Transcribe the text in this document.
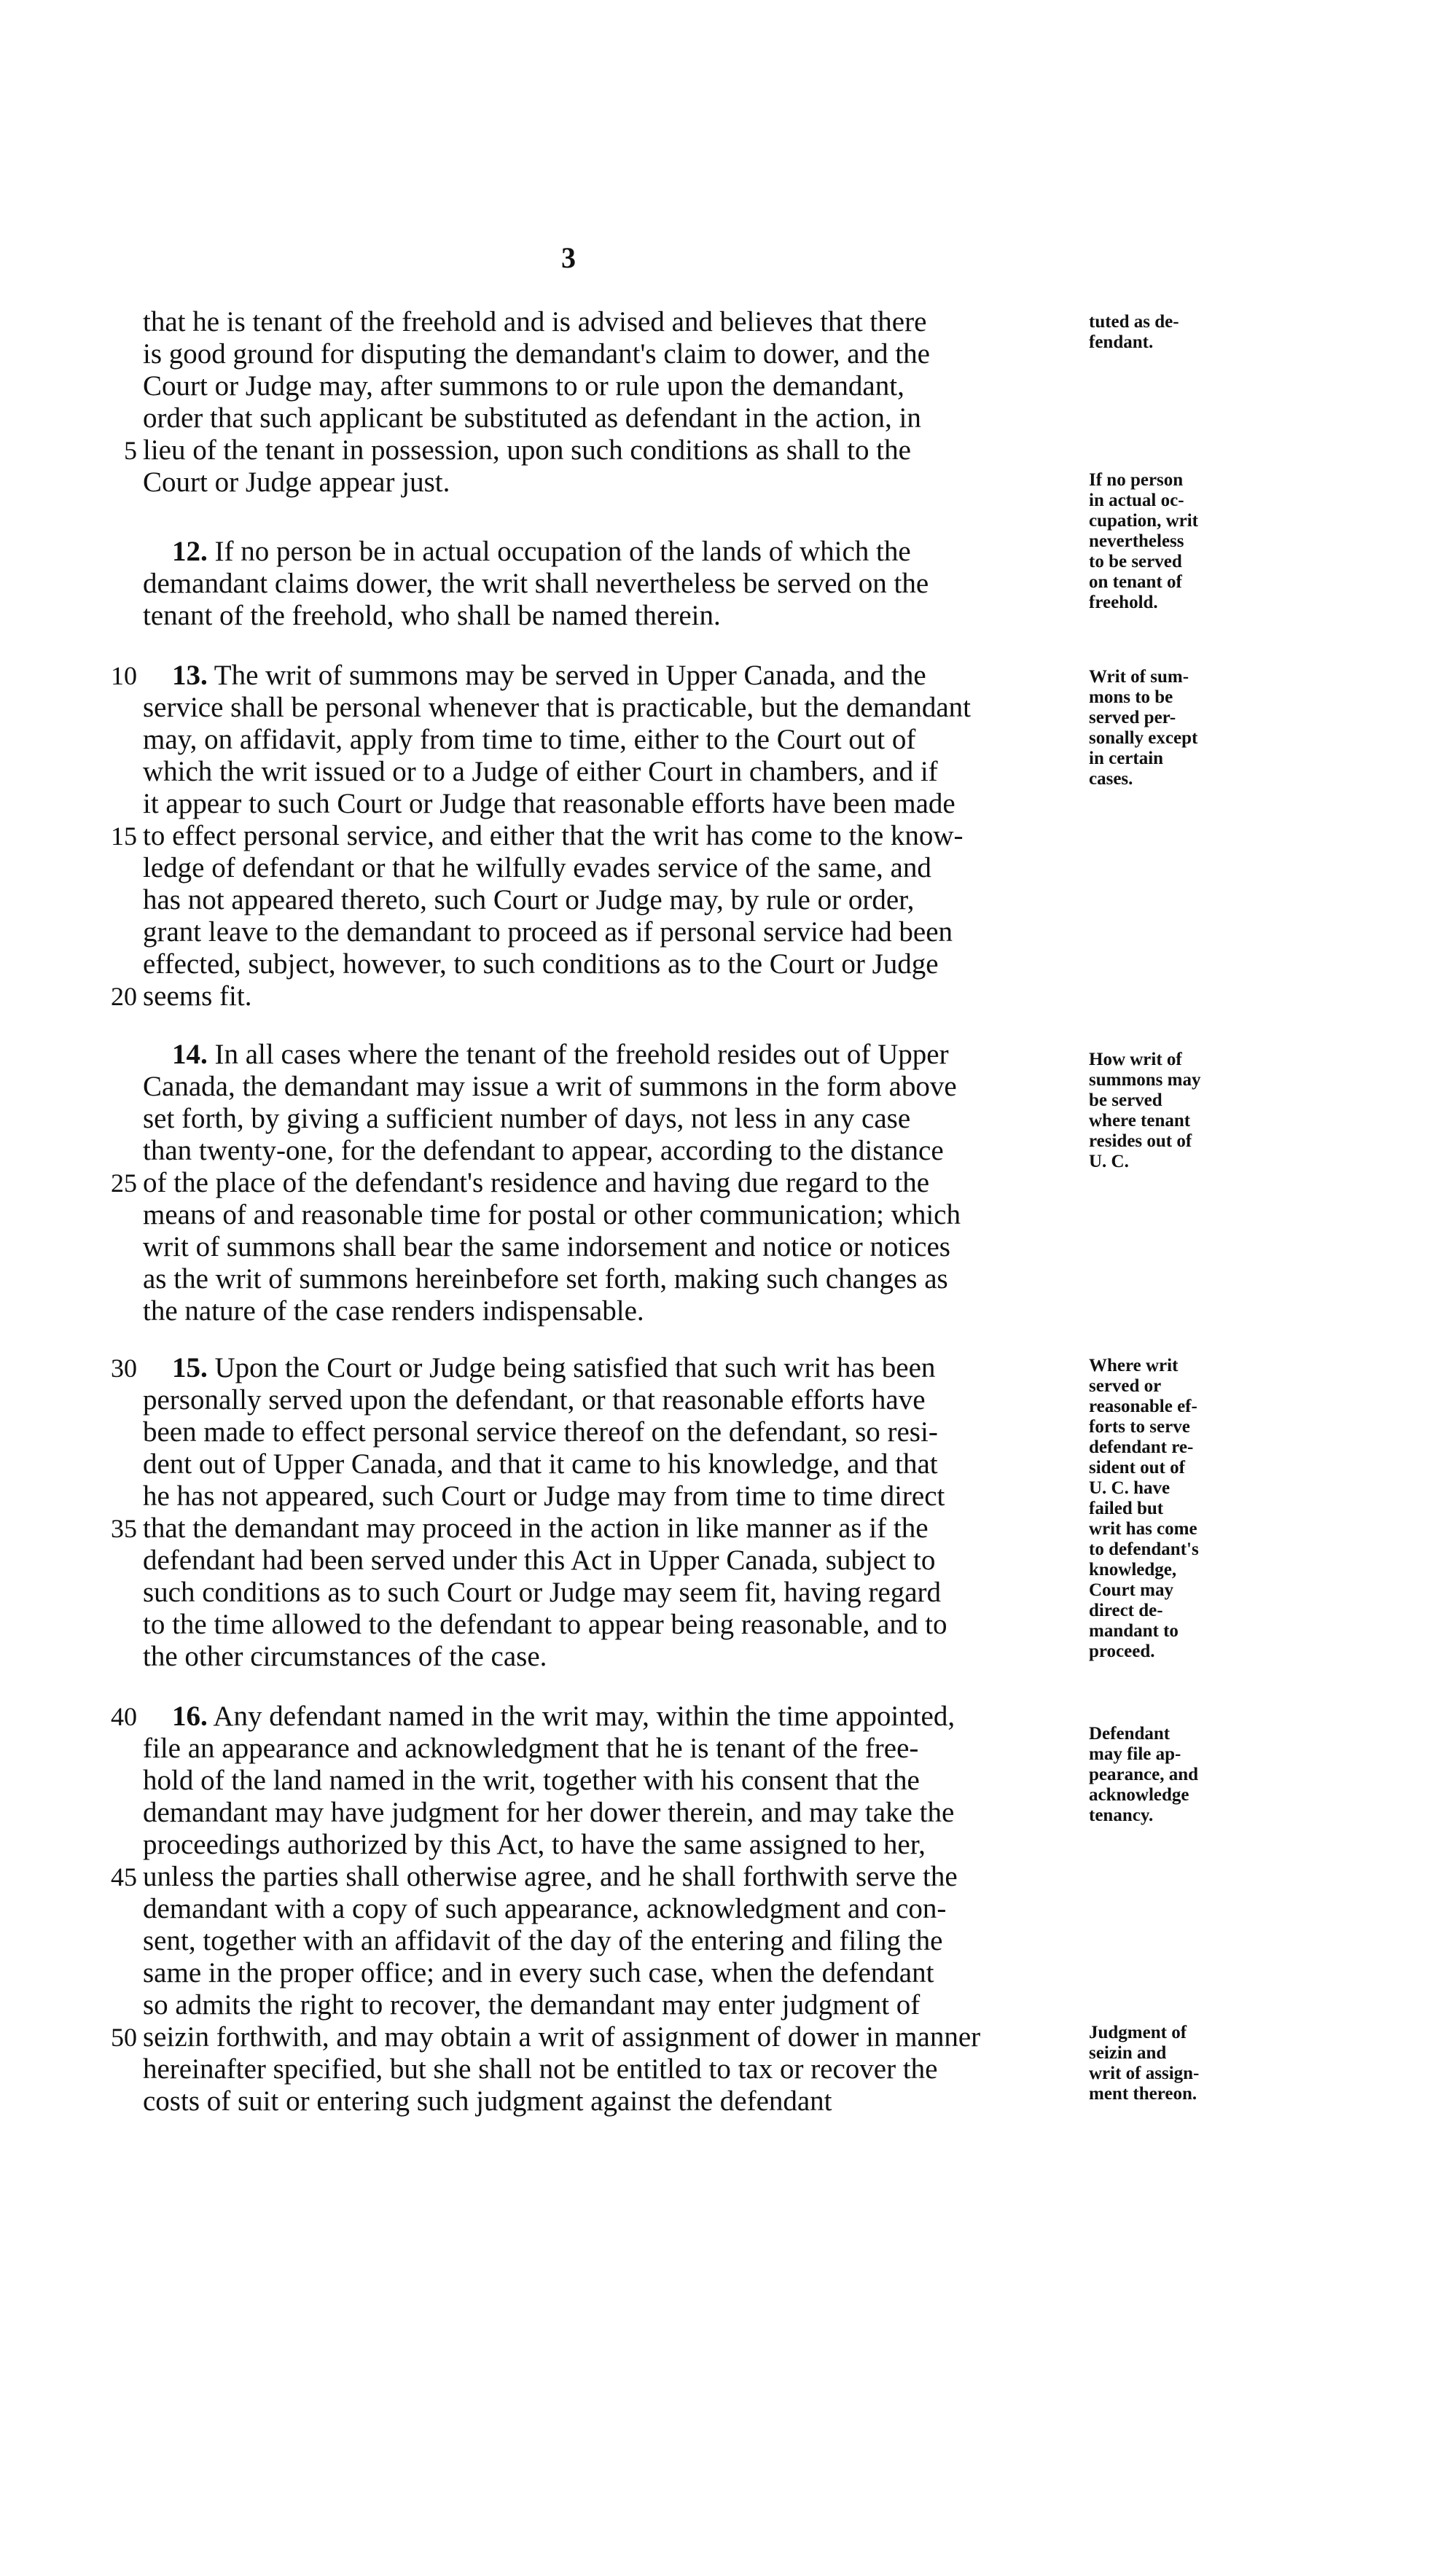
3
that he is tenant of the freehold and is advised and believes that there
is good ground for disputing the demandant's claim to dower, and the
Court or Judge may, after summons to or rule upon the demandant,
order that such applicant be substituted as defendant in the action, in
5 lieu of the tenant in possession, upon such conditions as shall to the
Court or Judge appear just.
12. If no person be in actual occupation of the lands of which the
demandant claims dower, the writ shall nevertheless be served on the
tenant of the freehold, who shall be named therein.
10 13. The writ of summons may be served in Upper Canada, and the
service shall be personal whenever that is practicable, but the demandant
may, on affidavit, apply from time to time, either to the Court out of
which the writ issued or to a Judge of either Court in chambers, and if
it appear to such Court or Judge that reasonable efforts have been made
15 to effect personal service, and either that the writ has come to the know-
ledge of defendant or that he wilfully evades service of the same, and
has not appeared thereto, such Court or Judge may, by rule or order,
grant leave to the demandant to proceed as if personal service had been
effected, subject, however, to such conditions as to the Court or Judge
20 seems fit.
14. In all cases where the tenant of the freehold resides out of Upper
Canada, the demandant may issue a writ of summons in the form above
set forth, by giving a sufficient number of days, not less in any case
than twenty-one, for the defendant to appear, according to the distance
25 of the place of the defendant's residence and having due regard to the
means of and reasonable time for postal or other communication; which
writ of summons shall bear the same indorsement and notice or notices
as the writ of summons hereinbefore set forth, making such changes as
the nature of the case renders indispensable.
30 15. Upon the Court or Judge being satisfied that such writ has been
personally served upon the defendant, or that reasonable efforts have
been made to effect personal service thereof on the defendant, so resi-
dent out of Upper Canada, and that it came to his knowledge, and that
he has not appeared, such Court or Judge may from time to time direct
35 that the demandant may proceed in the action in like manner as if the
defendant had been served under this Act in Upper Canada, subject to
such conditions as to such Court or Judge may seem fit, having regard
to the time allowed to the defendant to appear being reasonable, and to
the other circumstances of the case.
40 16. Any defendant named in the writ may, within the time appointed,
file an appearance and acknowledgment that he is tenant of the free-
hold of the land named in the writ, together with his consent that the
demandant may have judgment for her dower therein, and may take the
proceedings authorized by this Act, to have the same assigned to her,
45 unless the parties shall otherwise agree, and he shall forthwith serve the
demandant with a copy of such appearance, acknowledgment and con-
sent, together with an affidavit of the day of the entering and filing the
same in the proper office; and in every such case, when the defendant
so admits the right to recover, the demandant may enter judgment of
50 seizin forthwith, and may obtain a writ of assignment of dower in manner
hereinafter specified, but she shall not be entitled to tax or recover the
costs of suit or entering such judgment against the defendant
tuted as de-
fendant.
If no person
in actual oc-
cupation, writ
nevertheless
to be served
on tenant of
freehold.
Writ of sum-
mons to be
served per-
sonally except
in certain
cases.
How writ of
summons may
be served
where tenant
resides out of
U. C.
Where writ
served or
reasonable ef-
forts to serve
defendant re-
sident out of
U. C. have
failed but
writ has come
to defendant's
knowledge,
Court may
direct de-
mandant to
proceed.
Defendant
may file ap-
pearance, and
acknowledge
tenancy.
Judgment of
seizin and
writ of assign-
ment thereon.
